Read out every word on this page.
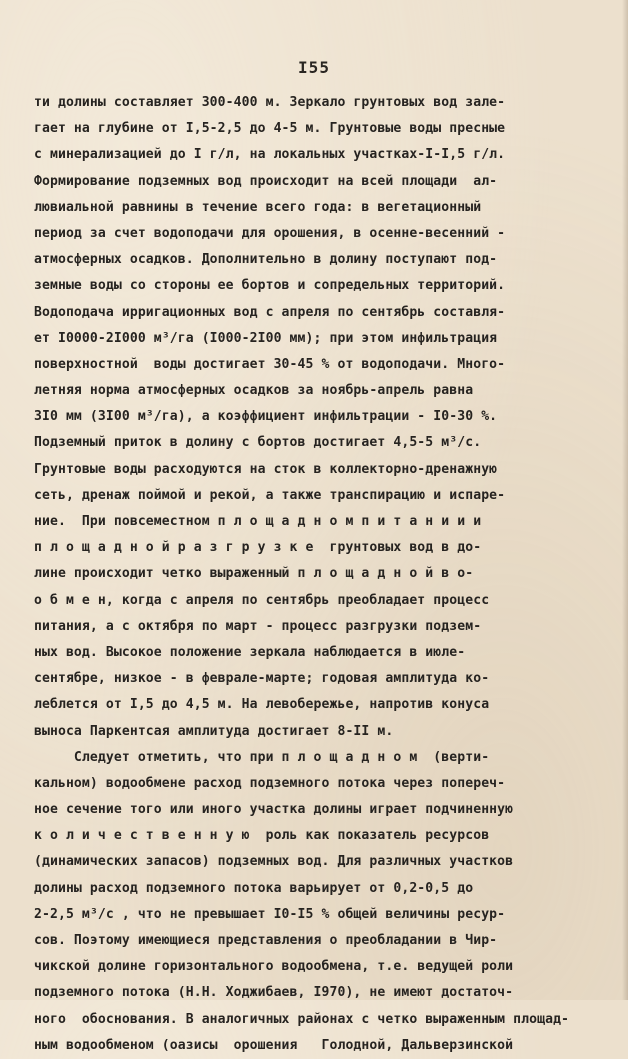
I55
ти долины составляет 300-400 м. Зеркало грунтовых вод зале-
гает на глубине от I,5-2,5 до 4-5 м. Грунтовые воды пресные
с минерализацией до I г/л, на локальных участках-I-I,5 г/л.
Формирование подземных вод происходит на всей площади  ал-
лювиальной равнины в течение всего года: в вегетационный
период за счет водоподачи для орошения, в осенне-весенний -
атмосферных осадков. Дополнительно в долину поступают под-
земные воды со стороны ее бортов и сопредельных территорий.
Водоподача ирригационных вод с апреля по сентябрь составля-
ет I0000-2I000 м³/га (I000-2I00 мм); при этом инфильтрация
поверхностной  воды достигает 30-45 % от водоподачи. Много-
летняя норма атмосферных осадков за ноябрь-апрель равна
3I0 мм (3I00 м³/га), а коэффициент инфильтрации - I0-30 %.
Подземный приток в долину с бортов достигает 4,5-5 м³/с.
Грунтовые воды расходуются на сток в коллекторно-дренажную
сеть, дренаж поймой и рекой, а также транспирацию и испаре-
ние.  При повсеместном п л о щ а д н о м п и т а н и и и
п л о щ а д н о й р а з г р у з к е  грунтовых вод в до-
лине происходит четко выраженный п л о щ а д н о й в о-
о б м е н, когда с апреля по сентябрь преобладает процесс
питания, а с октября по март - процесс разгрузки подзем-
ных вод. Высокое положение зеркала наблюдается в июле-
сентябре, низкое - в феврале-марте; годовая амплитуда ко-
леблется от I,5 до 4,5 м. На левобережье, напротив конуса
выноса Паркентсая амплитуда достигает 8-II м.
Следует отметить, что при п л о щ а д н о м  (верти-
кальном) водообмене расход подземного потока через попереч-
ное сечение того или иного участка долины играет подчиненную
к о л и ч е с т в е н н у ю  роль как показатель ресурсов
(динамических запасов) подземных вод. Для различных участков
долины расход подземного потока варьирует от 0,2-0,5 до
2-2,5 м³/с , что не превышает I0-I5 % общей величины ресур-
сов. Поэтому имеющиеся представления о преобладании в Чир-
чикской долине горизонтального водообмена, т.е. ведущей роли
подземного потока (Н.Н. Ходжибаев, I970), не имеют достаточ-
ного  обоснования. В аналогичных районах с четко выраженным площад-
ным водообменом (оазисы  орошения   Голодной, Дальверзинской
